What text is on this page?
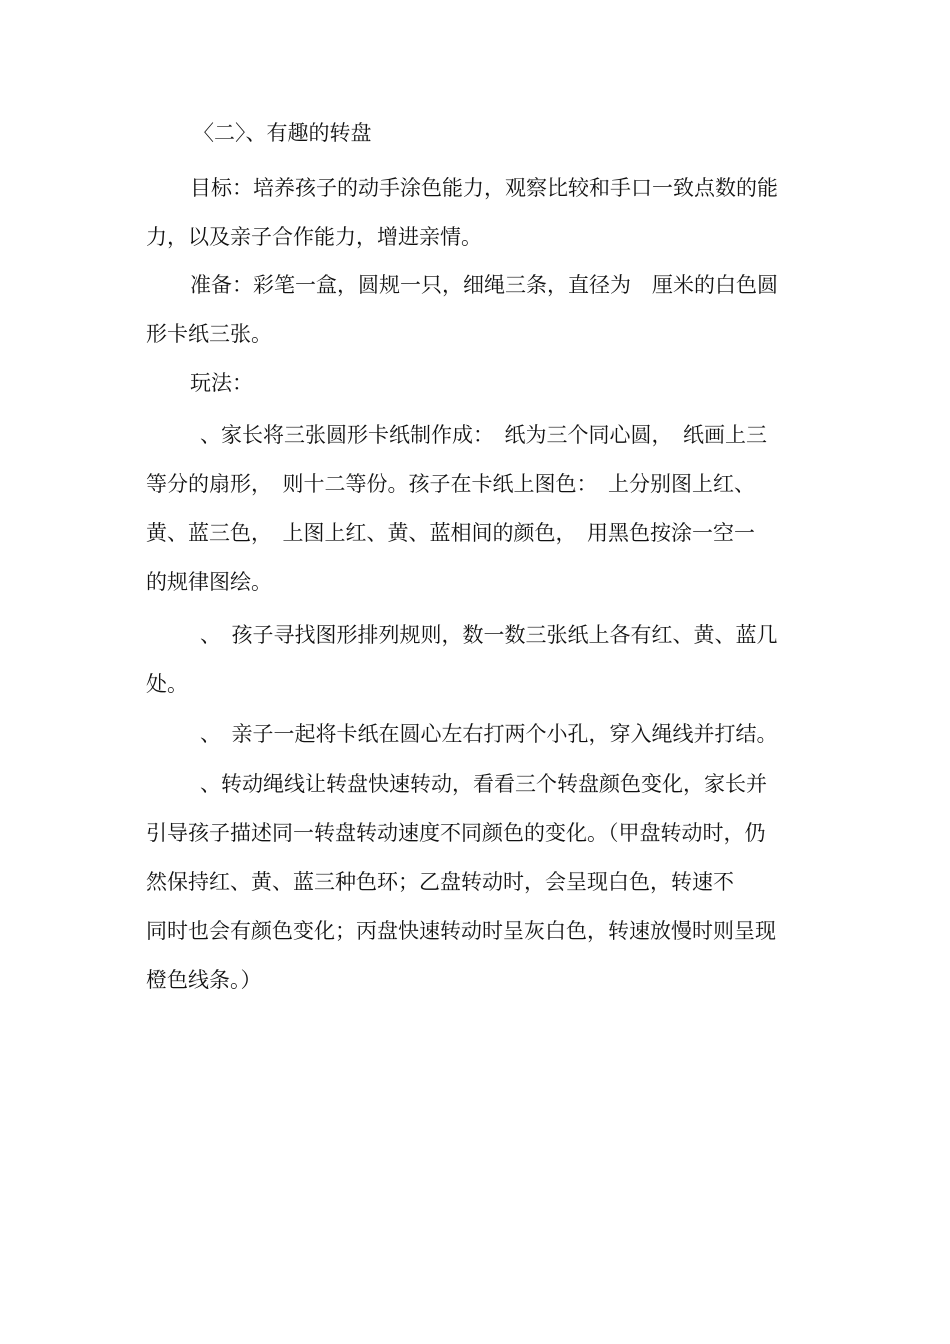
〈二〉、有趣的转盘
目标：培养孩子的动手涂色能力，观察比较和手口一致点数的能
力，以及亲子合作能力，增进亲情。
准备：彩笔一盒，圆规一只，细绳三条，直径为　厘米的白色圆
形卡纸三张。
玩法：
、家长将三张圆形卡纸制作成：　纸为三个同心圆，　纸画上三
等分的扇形，　则十二等份。孩子在卡纸上图色：　上分别图上红、
黄、蓝三色，　上图上红、黄、蓝相间的颜色，　用黑色按涂一空一
的规律图绘。
、　孩子寻找图形排列规则，数一数三张纸上各有红、黄、蓝几
处。
、　亲子一起将卡纸在圆心左右打两个小孔，穿入绳线并打结。
、转动绳线让转盘快速转动，看看三个转盘颜色变化，家长并
引导孩子描述同一转盘转动速度不同颜色的变化。（甲盘转动时，仍
然保持红、黄、蓝三种色环；乙盘转动时，会呈现白色，转速不
同时也会有颜色变化；丙盘快速转动时呈灰白色，转速放慢时则呈现
橙色线条。）
